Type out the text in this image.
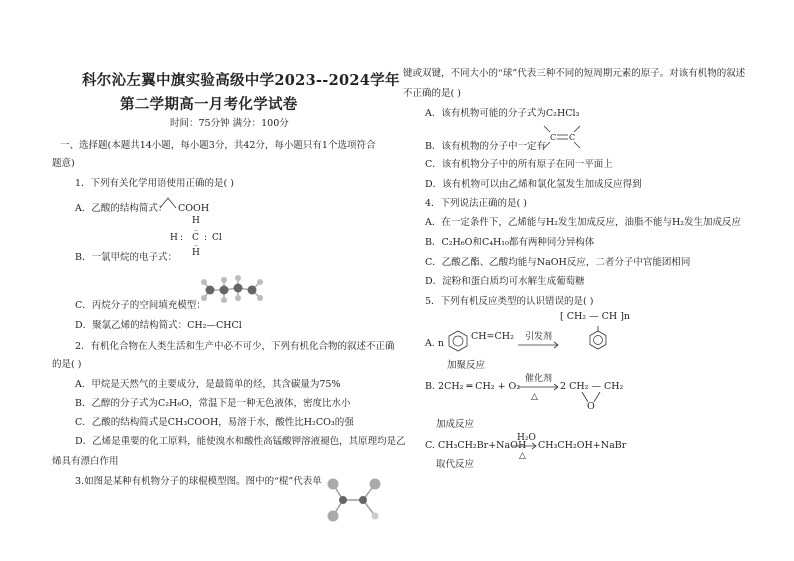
科尔沁左翼中旗实验高级中学2023--2024学年
第二学期高一月考化学试卷
时间：75分钟 满分：100分
一、选择题(本题共14小题，每小题3分，共42分，每小题只有1个选项符合
题意)
1．下列有关化学用语使用正确的是( )
A．乙酸的结构简式： COOH
H
‥
H : C : Cl
‥
H
B．一氯甲烷的电子式：
C．丙烷分子的空间填充模型：
D．聚氯乙烯的结构简式：CH₂—CHCl
2．有机化合物在人类生活和生产中必不可少，下列有机化合物的叙述不正确
的是( )
A．甲烷是天然气的主要成分，是最简单的烃，其含碳量为75%
B．乙醇的分子式为C₂H₆O，常温下是一种无色液体，密度比水小
C．乙酸的结构简式是CH₃COOH，易溶于水，酸性比H₂CO₃的强
D．乙烯是重要的化工原料，能使溴水和酸性高锰酸钾溶液褪色，其原理均是乙
烯具有漂白作用
3.如图是某种有机物分子的球棍模型图。图中的“棍”代表单
键或双键，不同大小的“球”代表三种不同的短周期元素的原子。对该有机物的叙述
不正确的是( )
A．该有机物可能的分子式为C₂HCl₃
B．该有机物的分子中一定有
C C
C．该有机物分子中的所有原子在同一平面上
D．该有机物可以由乙烯和氯化氢发生加成反应得到
4．下列说法正确的是( )
A．在一定条件下，乙烯能与H₂发生加成反应，油脂不能与H₂发生加成反应
B．C₂H₆O和C₄H₁₀都有两种同分异构体
C．乙酸乙酯、乙酸均能与NaOH反应，二者分子中官能团相同
D．淀粉和蛋白质均可水解生成葡萄糖
5．下列有机反应类型的认识错误的是( )
A. n
CH=CH₂ 引发剂
[ CH₂ — CH ]n
加聚反应
B. 2CH₂ ═ CH₂ + O₂
催化剂
△
2 CH₂ — CH₂
O
加成反应
C. CH₃CH₂Br+NaOH
H₂O
△
CH₃CH₂OH+NaBr
取代反应
